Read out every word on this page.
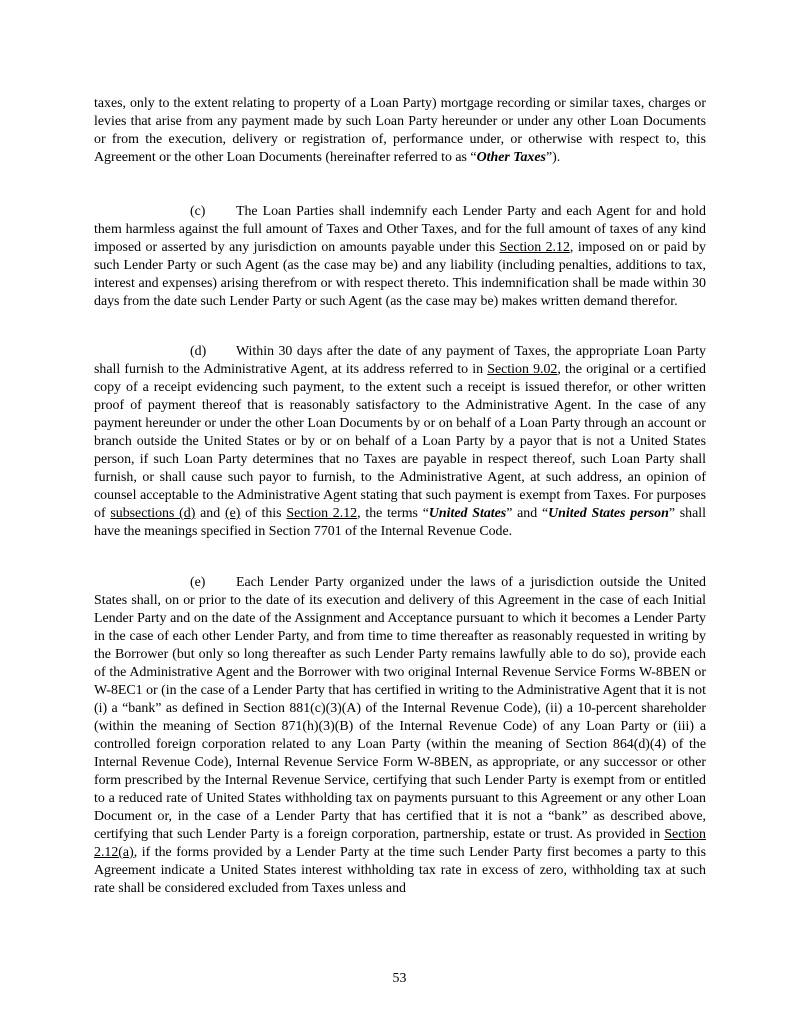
taxes, only to the extent relating to property of a Loan Party) mortgage recording or similar taxes, charges or levies that arise from any payment made by such Loan Party hereunder or under any other Loan Documents or from the execution, delivery or registration of, performance under, or otherwise with respect to, this Agreement or the other Loan Documents (hereinafter referred to as “Other Taxes”).

(c) The Loan Parties shall indemnify each Lender Party and each Agent for and hold them harmless against the full amount of Taxes and Other Taxes, and for the full amount of taxes of any kind imposed or asserted by any jurisdiction on amounts payable under this Section 2.12, imposed on or paid by such Lender Party or such Agent (as the case may be) and any liability (including penalties, additions to tax, interest and expenses) arising therefrom or with respect thereto. This indemnification shall be made within 30 days from the date such Lender Party or such Agent (as the case may be) makes written demand therefor.

(d) Within 30 days after the date of any payment of Taxes, the appropriate Loan Party shall furnish to the Administrative Agent, at its address referred to in Section 9.02, the original or a certified copy of a receipt evidencing such payment, to the extent such a receipt is issued therefor, or other written proof of payment thereof that is reasonably satisfactory to the Administrative Agent. In the case of any payment hereunder or under the other Loan Documents by or on behalf of a Loan Party through an account or branch outside the United States or by or on behalf of a Loan Party by a payor that is not a United States person, if such Loan Party determines that no Taxes are payable in respect thereof, such Loan Party shall furnish, or shall cause such payor to furnish, to the Administrative Agent, at such address, an opinion of counsel acceptable to the Administrative Agent stating that such payment is exempt from Taxes. For purposes of subsections (d) and (e) of this Section 2.12, the terms “United States” and “United States person” shall have the meanings specified in Section 7701 of the Internal Revenue Code.

(e) Each Lender Party organized under the laws of a jurisdiction outside the United States shall, on or prior to the date of its execution and delivery of this Agreement in the case of each Initial Lender Party and on the date of the Assignment and Acceptance pursuant to which it becomes a Lender Party in the case of each other Lender Party, and from time to time thereafter as reasonably requested in writing by the Borrower (but only so long thereafter as such Lender Party remains lawfully able to do so), provide each of the Administrative Agent and the Borrower with two original Internal Revenue Service Forms W-8BEN or W-8EC1 or (in the case of a Lender Party that has certified in writing to the Administrative Agent that it is not (i) a “bank” as defined in Section 881(c)(3)(A) of the Internal Revenue Code), (ii) a 10-percent shareholder (within the meaning of Section 871(h)(3)(B) of the Internal Revenue Code) of any Loan Party or (iii) a controlled foreign corporation related to any Loan Party (within the meaning of Section 864(d)(4) of the Internal Revenue Code), Internal Revenue Service Form W-8BEN, as appropriate, or any successor or other form prescribed by the Internal Revenue Service, certifying that such Lender Party is exempt from or entitled to a reduced rate of United States withholding tax on payments pursuant to this Agreement or any other Loan Document or, in the case of a Lender Party that has certified that it is not a “bank” as described above, certifying that such Lender Party is a foreign corporation, partnership, estate or trust. As provided in Section 2.12(a), if the forms provided by a Lender Party at the time such Lender Party first becomes a party to this Agreement indicate a United States interest withholding tax rate in excess of zero, withholding tax at such rate shall be considered excluded from Taxes unless and

53
